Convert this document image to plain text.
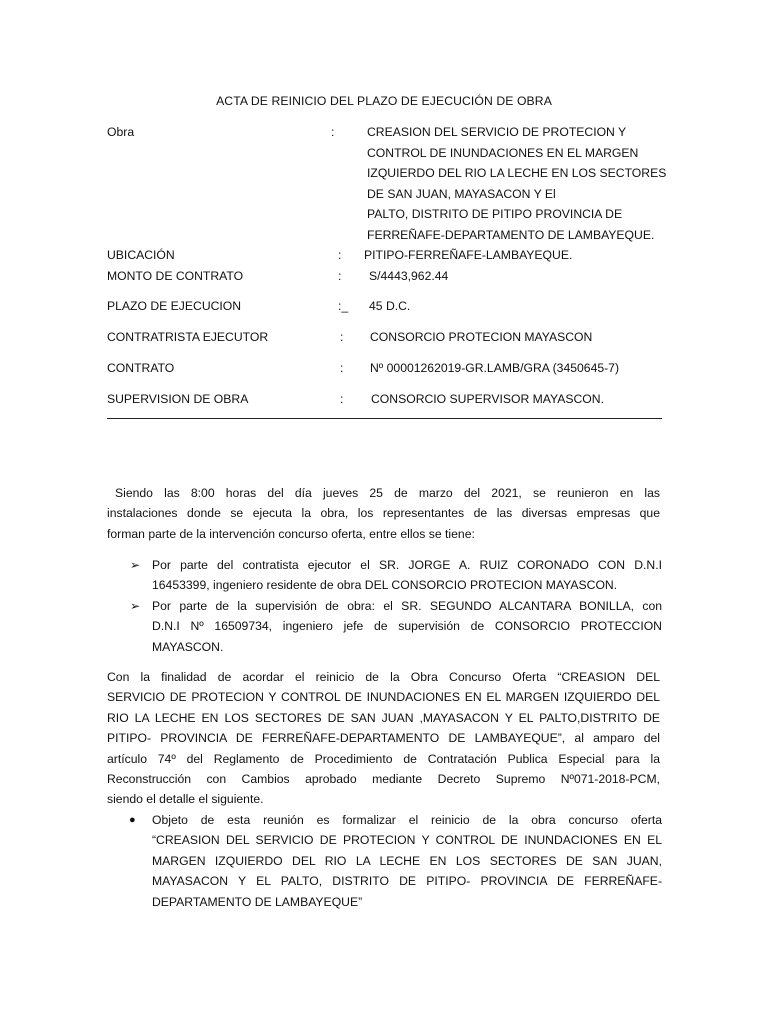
ACTA DE REINICIO DEL PLAZO DE EJECUCIÓN DE OBRA
Obra	:	CREASION DEL SERVICIO DE PROTECION Y
CONTROL DE INUNDACIONES EN EL MARGEN
IZQUIERDO DEL RIO LA LECHE EN LOS SECTORES
DE SAN JUAN, MAYASACON Y El
PALTO, DISTRITO DE PITIPO PROVINCIA DE
FERREÑAFE-DEPARTAMENTO DE LAMBAYEQUE.
UBICACIÓN	: PITIPO-FERREÑAFE-LAMBAYEQUE.
MONTO DE CONTRATO	: S/4443,962.44
PLAZO DE EJECUCION	:_ 45 D.C.
CONTRATRISTA EJECUTOR	: CONSORCIO PROTECION MAYASCON
CONTRATO	: Nº 00001262019-GR.LAMB/GRA (3450645-7)
SUPERVISION DE OBRA	: CONSORCIO SUPERVISOR MAYASCON.
Siendo las 8:00 horas del día jueves 25 de marzo del 2021, se reunieron en las
instalaciones donde se ejecuta la obra, los representantes de las diversas empresas que
forman parte de la intervención concurso oferta, entre ellos se tiene:
➢ Por parte del contratista ejecutor el SR. JORGE A. RUIZ CORONADO CON D.N.I
16453399, ingeniero residente de obra DEL CONSORCIO PROTECION MAYASCON.
➢ Por parte de la supervisión de obra: el SR. SEGUNDO ALCANTARA BONILLA, con
D.N.I Nº 16509734, ingeniero jefe de supervisión de CONSORCIO PROTECCION
MAYASCON.
Con la finalidad de acordar el reinicio de la Obra Concurso Oferta “CREASION DEL
SERVICIO DE PROTECION Y CONTROL DE INUNDACIONES EN EL MARGEN IZQUIERDO DEL
RIO LA LECHE EN LOS SECTORES DE SAN JUAN ,MAYASACON Y EL PALTO,DISTRITO DE
PITIPO- PROVINCIA DE FERREÑAFE-DEPARTAMENTO DE LAMBAYEQUE”, al amparo del
artículo 74º del Reglamento de Procedimiento de Contratación Publica Especial para la
Reconstrucción con Cambios aprobado mediante Decreto Supremo Nº071-2018-PCM,
siendo el detalle el siguiente.
● Objeto de esta reunión es formalizar el reinicio de la obra concurso oferta
“CREASION DEL SERVICIO DE PROTECION Y CONTROL DE INUNDACIONES EN EL
MARGEN IZQUIERDO DEL RIO LA LECHE EN LOS SECTORES DE SAN JUAN,
MAYASACON Y EL PALTO, DISTRITO DE PITIPO- PROVINCIA DE FERREÑAFE-
DEPARTAMENTO DE LAMBAYEQUE”
